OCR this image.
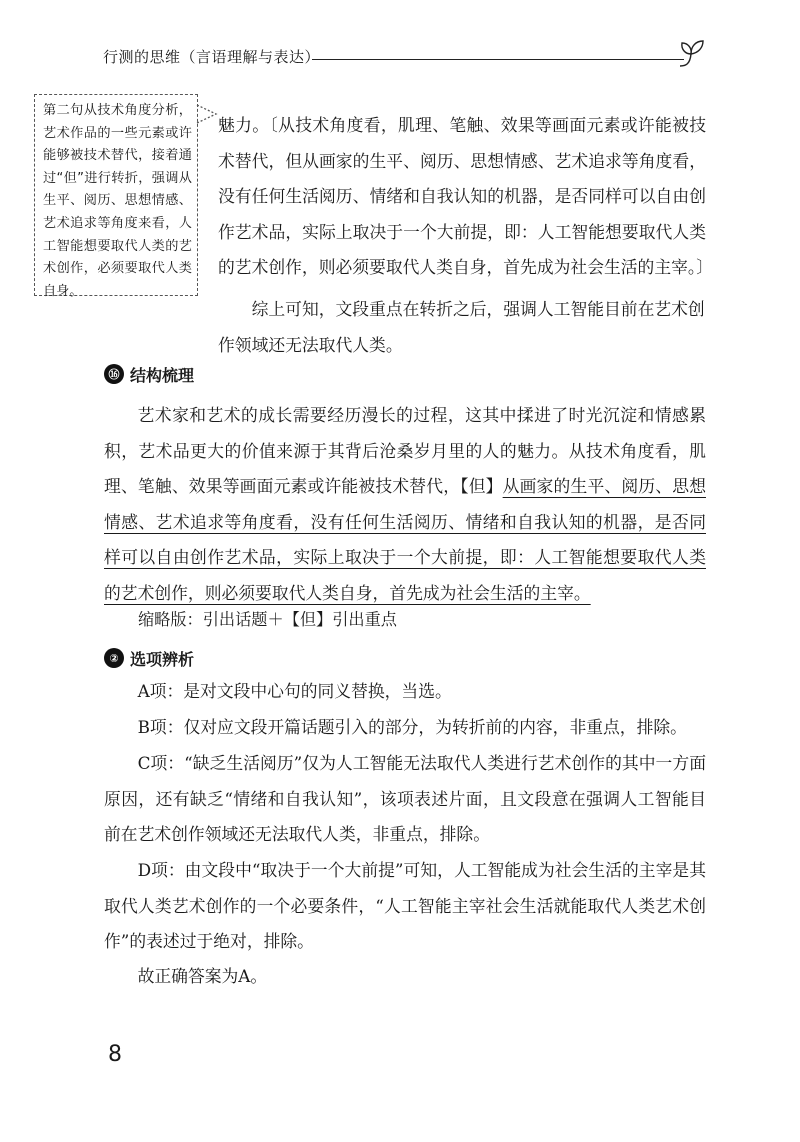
行测的思维（言语理解与表达）
第二句从技术角度分析，艺术作品的一些元素或许能够被技术替代，接着通过“但”进行转折，强调从生平、阅历、思想情感、艺术追求等角度来看，人工智能想要取代人类的艺术创作，必须要取代人类自身。

魅力。〔从技术角度看，肌理、笔触、效果等画面元素或许能被技术替代，但从画家的生平、阅历、思想情感、艺术追求等角度看，没有任何生活阅历、情绪和自我认知的机器，是否同样可以自由创作艺术品，实际上取决于一个大前提，即：人工智能想要取代人类的艺术创作，则必须要取代人类自身，首先成为社会生活的主宰。〕

综上可知，文段重点在转折之后，强调人工智能目前在艺术创作领域还无法取代人类。

⑯ 结构梳理

艺术家和艺术的成长需要经历漫长的过程，这其中揉进了时光沉淀和情感累积，艺术品更大的价值来源于其背后沧桑岁月里的人的魅力。从技术角度看，肌理、笔触、效果等画面元素或许能被技术替代，【但】从画家的生平、阅历、思想情感、艺术追求等角度看，没有任何生活阅历、情绪和自我认知的机器，是否同样可以自由创作艺术品，实际上取决于一个大前提，即：人工智能想要取代人类的艺术创作，则必须要取代人类自身，首先成为社会生活的主宰。

缩略版：引出话题＋【但】引出重点
② 选项辨析

A项：是对文段中心句的同义替换，当选。

B项：仅对应文段开篇话题引入的部分，为转折前的内容，非重点，排除。

C项：“缺乏生活阅历”仅为人工智能无法取代人类进行艺术创作的其中一方面原因，还有缺乏“情绪和自我认知”，该项表述片面，且文段意在强调人工智能目前在艺术创作领域还无法取代人类，非重点，排除。

D项：由文段中“取决于一个大前提”可知，人工智能成为社会生活的主宰是其取代人类艺术创作的一个必要条件，“人工智能主宰社会生活就能取代人类艺术创作”的表述过于绝对，排除。

故正确答案为A。

8
